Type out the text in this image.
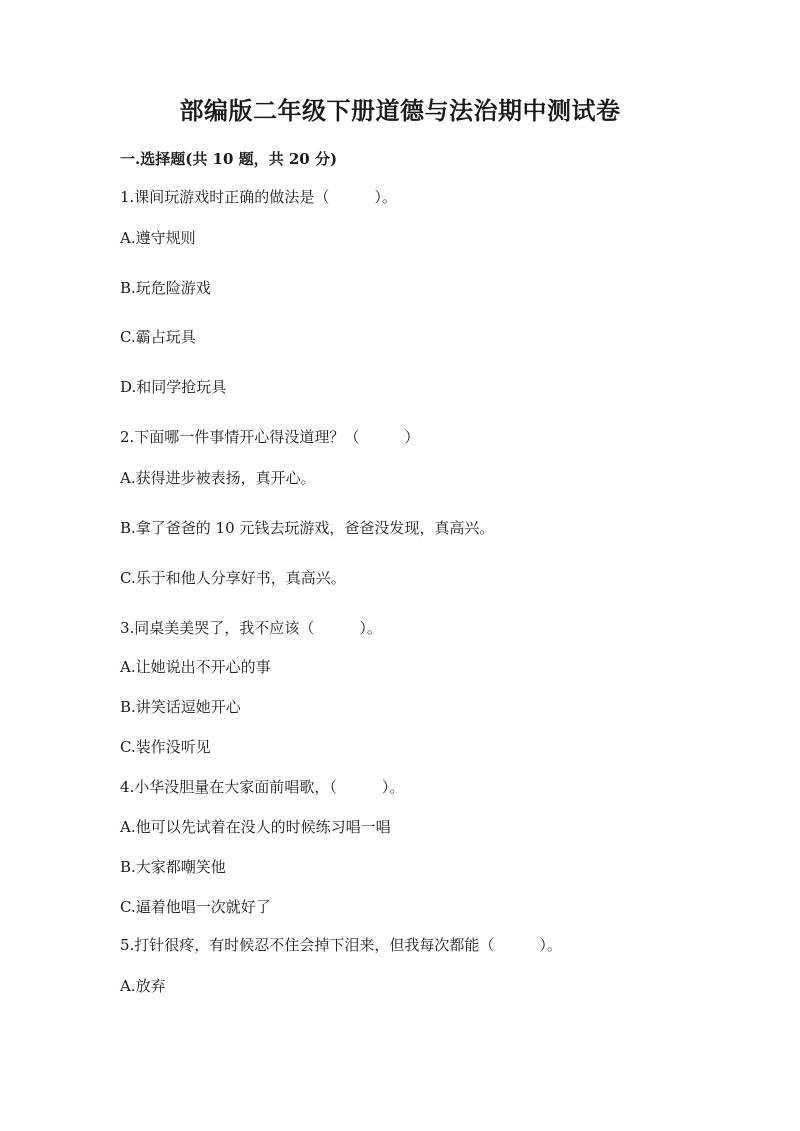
部编版二年级下册道德与法治期中测试卷
一.选择题(共 10 题，共 20 分)
1.课间玩游戏时正确的做法是（　　　）。
A.遵守规则
B.玩危险游戏
C.霸占玩具
D.和同学抢玩具
2.下面哪一件事情开心得没道理？（　　　）
A.获得进步被表扬，真开心。
B.拿了爸爸的 10 元钱去玩游戏，爸爸没发现，真高兴。
C.乐于和他人分享好书，真高兴。
3.同桌美美哭了，我不应该（　　　）。
A.让她说出不开心的事
B.讲笑话逗她开心
C.装作没听见
4.小华没胆量在大家面前唱歌，（　　　）。
A.他可以先试着在没人的时候练习唱一唱
B.大家都嘲笑他
C.逼着他唱一次就好了
5.打针很疼，有时候忍不住会掉下泪来，但我每次都能（　　　）。
A.放弃
